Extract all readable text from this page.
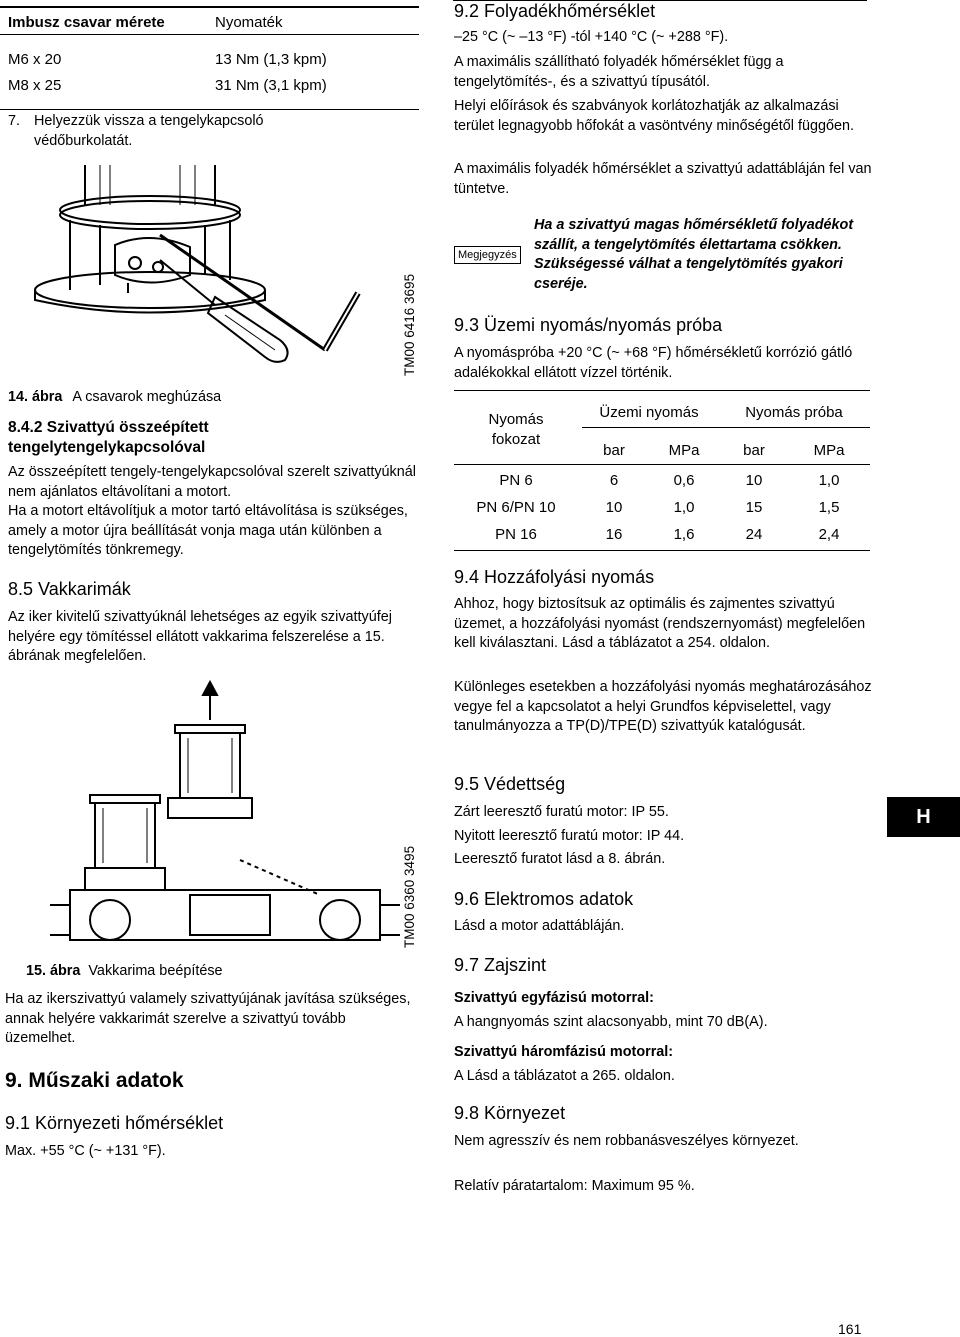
Imbusz csavar mérete	Nyomaték
M6 x 20	13 Nm (1,3 kpm)
M8 x 25	31 Nm (3,1 kpm)
7. Helyezzük vissza a tengelykapcsoló védőburkolatát.

TM00 6416 3695
14. ábra A csavarok meghúzása

8.4.2 Szivattyú összeépített tengelytengelykapcsolóval

Az összeépített tengely-tengelykapcsolóval szerelt szivattyúknál nem ajánlatos eltávolítani a motort.

Ha a motort eltávolítjuk a motor tartó eltávolítása is szükséges, amely a motor újra beállítását vonja maga után különben a tengelytömítés tönkremegy.

8.5 Vakkarimák

Az iker kivitelű szivattyúknál lehetséges az egyik szivattyúfej helyére egy tömítéssel ellátott vakkarima felszerelése a 15. ábrának megfelelően.

TM00 6360 3495
15. ábra Vakkarima beépítése

Ha az ikerszivattyú valamely szivattyújának javítása szükséges, annak helyére vakkarimát szerelve a szivattyú tovább üzemelhet.

9. Műszaki adatok

9.1 Környezeti hőmérséklet

Max. +55 °C (~ +131 °F).

9.2 Folyadékhőmérséklet

–25 °C (~ –13 °F) -tól +140 °C (~ +288 °F).

A maximális szállítható folyadék hőmérséklet függ a tengelytömítés-, és a szivattyú típusától.

Helyi előírások és szabványok korlátozhatják az alkalmazási terület legnagyobb hőfokát a vasöntvény minőségétől függően.

A maximális folyadék hőmérséklet a szivattyú adattábláján fel van tüntetve.

Megjegyzés

Ha a szivattyú magas hőmérsékletű folyadékot szállít, a tengelytömítés élettartama csökken. Szükségessé válhat a tengelytömítés gyakori cseréje.

9.3 Üzemi nyomás/nyomás próba

A nyomáspróba +20 °C (~ +68 °F) hőmérsékletű korrózió gátló adalékokkal ellátott vízzel történik.

Nyomás fokozat
Üzemi nyomás	Nyomás próba
bar	MPa	bar	MPa
PN 6	6	0,6	10	1,0
PN 6/PN 10	10	1,0	15	1,5
PN 16	16	1,6	24	2,4

9.4 Hozzáfolyási nyomás

Ahhoz, hogy biztosítsuk az optimális és zajmentes szivattyú üzemet, a hozzáfolyási nyomást (rendszernyomást) megfelelően kell kiválasztani. Lásd a táblázatot a 254. oldalon.

Különleges esetekben a hozzáfolyási nyomás meghatározásához vegye fel a kapcsolatot a helyi Grundfos képviselettel, vagy tanulmányozza a TP(D)/TPE(D) szivattyúk katalógusát.

9.5 Védettség

Zárt leeresztő furatú motor: IP 55.

Nyitott leeresztő furatú motor: IP 44.

Leeresztő furatot lásd a 8. ábrán.

9.6 Elektromos adatok

Lásd a motor adattábláján.

9.7 Zajszint

Szivattyú egyfázisú motorral:

A hangnyomás szint alacsonyabb, mint 70 dB(A).

Szivattyú háromfázisú motorral:

A Lásd a táblázatot a 265. oldalon.

9.8 Környezet

Nem agresszív és nem robbanásveszélyes környezet.

Relatív páratartalom: Maximum 95 %.

H
161
